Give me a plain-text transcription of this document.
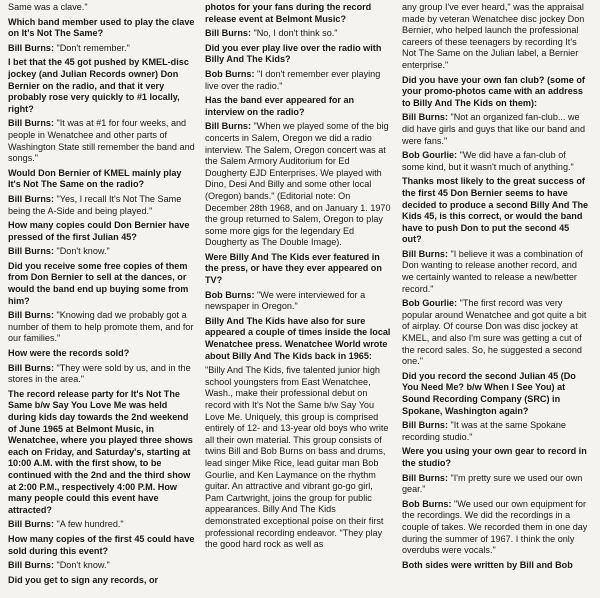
Same was a clave."

Which band member used to play the clave on It's Not The Same?

Bill Burns: "Don't remember."

I bet that the 45 got pushed by KMEL-disc jockey (and Julian Records owner) Don Bernier on the radio, and that it very probably rose very quickly to #1 locally, right?

Bill Burns: "It was at #1 for four weeks, and people in Wenatchee and other parts of Washington State still remember the band and songs."

Would Don Bernier of KMEL mainly play It's Not The Same on the radio?

Bill Burns: "Yes, I recall It's Not The Same being the A-Side and being played."

How many copies could Don Bernier have pressed of the first Julian 45?

Bill Burns: "Don't know."

Did you receive some free copies of them from Don Bernier to sell at the dances, or would the band end up buying some from him?

Bill Burns: "Knowing dad we probably got a number of them to help promote them, and for our families."

How were the records sold?

Bill Burns: "They were sold by us, and in the stores in the area."

The record release party for It's Not The Same b/w Say You Love Me was held during kids day towards the 2nd weekend of June 1965 at Belmont Music, in Wenatchee, where you played three shows each on Friday, and Saturday's, starting at 10:00 A.M. with the first show, to be continued with the 2nd and the third show at 2:00 P.M., respectively 4:00 P.M. How many people could this event have attracted?

Bill Burns: "A few hundred."

How many copies of the first 45 could have sold during this event?

Bill Burns: "Don't know."

Did you get to sign any records, or

photos for your fans during the record release event at Belmont Music?

Bill Burns: "No, I don't think so."

Did you ever play live over the radio with Billy And The Kids?

Bob Burns: "I don't remember ever playing live over the radio."

Has the band ever appeared for an interview on the radio?

Bill Burns: "When we played some of the big concerts in Salem, Oregon we did a radio interview. The Salem, Oregon concert was at the Salem Armory Auditorium for Ed Dougherty EJD Enterprises. We played with Dino, Desi And Billy and some other local (Oregon) bands." (Editorial note: On December 28th 1968, and on January 1. 1970 the group returned to Salem, Oregon to play some more gigs for the legendary Ed Dougherty as The Double Image).

Were Billy And The Kids ever featured in the press, or have they ever appeared on TV?

Bob Burns: "We were interviewed for a newspaper in Oregon."

Billy And The Kids have also for sure appeared a couple of times inside the local Wenatchee press. Wenatchee World wrote about Billy And The Kids back in 1965:

"Billy And The Kids, five talented junior high school youngsters from East Wenatchee, Wash., make their professional debut on record with It's Not the Same b/w Say You Love Me. Uniquely, this group is comprised entirely of 12- and 13-year old boys who write all their own material. This group consists of twins Bill and Bob Burns on bass and drums, lead singer Mike Rice, lead guitar man Bob Gourlie, and Ken Laymance on the rhythm guitar. An attractive and vibrant go-go girl, Pam Cartwright, joins the group for public appearances. Billy And The Kids demonstrated exceptional poise on their first professional recording endeavor. "They play the good hard rock as well as

any group I've ever heard," was the appraisal made by veteran Wenatchee disc jockey Don Bernier, who helped launch the professional careers of these teenagers by recording It's Not The Same on the Julian label, a Bernier enterprise."

Did you have your own fan club? (some of your promo-photos came with an address to Billy And The Kids on them):

Bill Burns: "Not an organized fan-club... we did have girls and guys that like our band and were fans."

Bob Gourlie: "We did have a fan-club of some kind, but it wasn't much of anything."

Thanks most likely to the great success of the first 45 Don Bernier seems to have decided to produce a second Billy And The Kids 45, is this correct, or would the band have to push Don to put the second 45 out?

Bill Burns: "I believe it was a combination of Don wanting to release another record, and we certainly wanted to release a new/better record."

Bob Gourlie: "The first record was very popular around Wenatchee and got quite a bit of airplay. Of course Don was disc jockey at KMEL, and also I'm sure was getting a cut of the record sales. So, he suggested a second one."

Did you record the second Julian 45 (Do You Need Me? b/w When I See You) at Sound Recording Company (SRC) in Spokane, Washington again?

Bill Burns: "It was at the same Spokane recording studio."

Were you using your own gear to record in the studio?

Bill Burns: "I'm pretty sure we used our own gear."

Bob Burns: "We used our own equipment for the recordings. We did the recordings in a couple of takes. We recorded them in one day during the summer of 1967. I think the only overdubs were vocals."

Both sides were written by Bill and Bob
